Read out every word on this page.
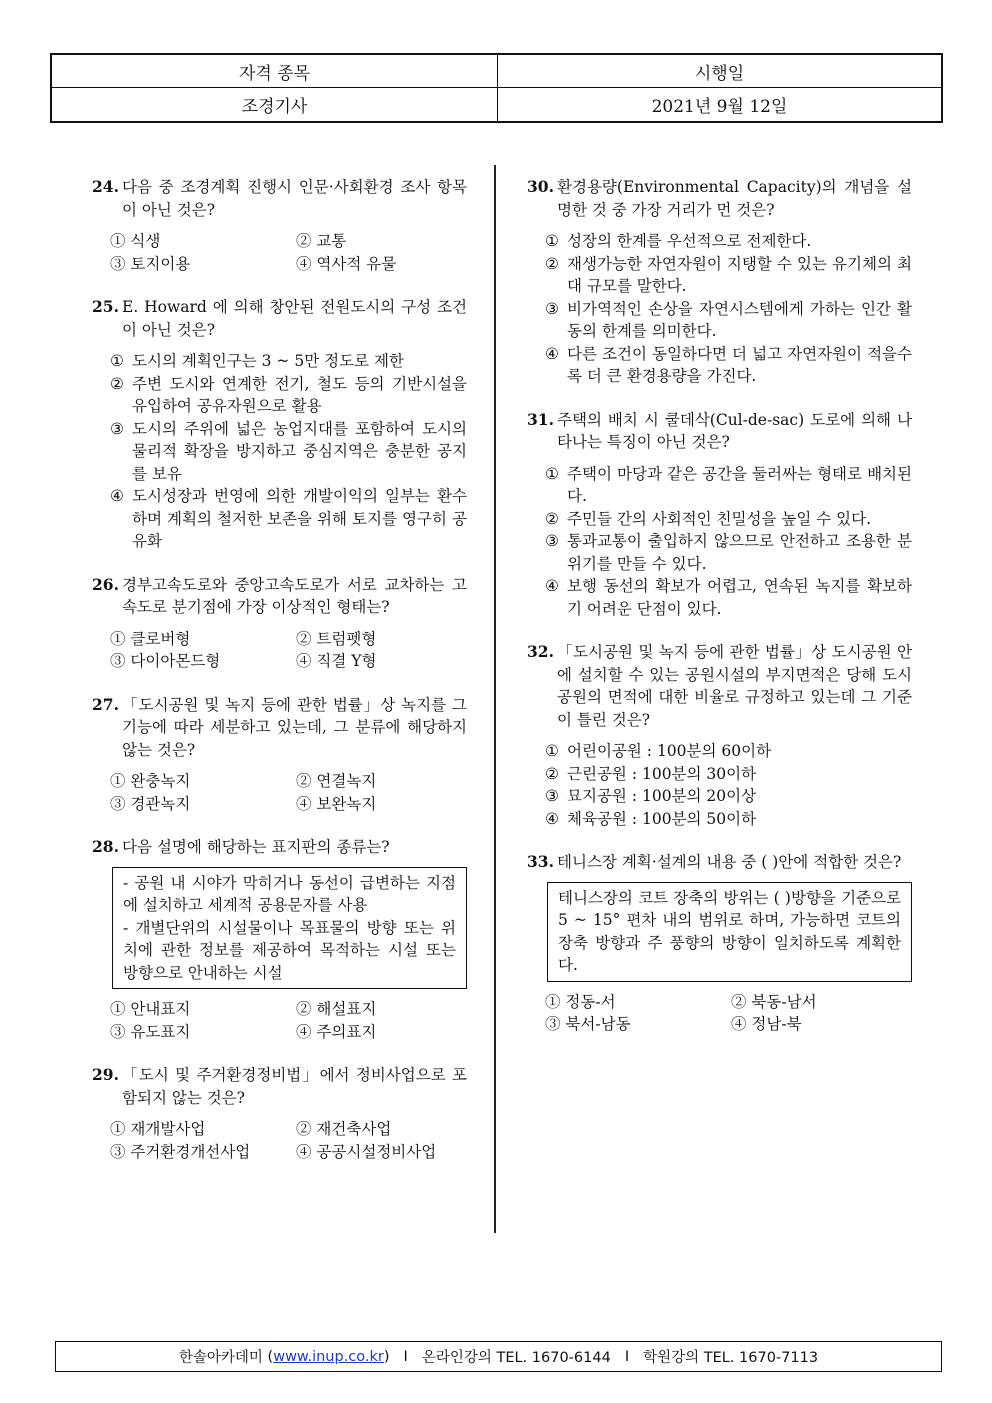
자격 종목	시행일
조경기사	2021년 9월 12일
24. 다음 중 조경계획 진행시 인문·사회환경 조사 항목이 아닌 것은?
① 식생	② 교통
③ 토지이용	④ 역사적 유물
25. E. Howard 에 의해 창안된 전원도시의 구성 조건이 아닌 것은?
① 도시의 계획인구는 3 ~ 5만 정도로 제한
② 주변 도시와 연계한 전기, 철도 등의 기반시설을 유입하여 공유자원으로 활용
③ 도시의 주위에 넓은 농업지대를 포함하여 도시의 물리적 확장을 방지하고 중심지역은 충분한 공지를 보유
④ 도시성장과 번영에 의한 개발이익의 일부는 환수하며 계획의 철저한 보존을 위해 토지를 영구히 공유화
26. 경부고속도로와 중앙고속도로가 서로 교차하는 고속도로 분기점에 가장 이상적인 형태는?
① 클로버형	② 트럼펫형
③ 다이아몬드형	④ 직결 Y형
27. 「도시공원 및 녹지 등에 관한 법률」상 녹지를 그 기능에 따라 세분하고 있는데, 그 분류에 해당하지 않는 것은?
① 완충녹지	② 연결녹지
③ 경관녹지	④ 보완녹지
28. 다음 설명에 해당하는 표지판의 종류는?
- 공원 내 시야가 막히거나 동선이 급변하는 지점에 설치하고 세계적 공용문자를 사용
- 개별단위의 시설물이나 목표물의 방향 또는 위치에 관한 정보를 제공하여 목적하는 시설 또는 방향으로 안내하는 시설
① 안내표지	② 해설표지
③ 유도표지	④ 주의표지
29. 「도시 및 주거환경정비법」에서 정비사업으로 포함되지 않는 것은?
① 재개발사업	② 재건축사업
③ 주거환경개선사업	④ 공공시설정비사업
30. 환경용량(Environmental Capacity)의 개념을 설명한 것 중 가장 거리가 먼 것은?
① 성장의 한계를 우선적으로 전제한다.
② 재생가능한 자연자원이 지탱할 수 있는 유기체의 최대 규모를 말한다.
③ 비가역적인 손상을 자연시스템에게 가하는 인간 활동의 한계를 의미한다.
④ 다른 조건이 동일하다면 더 넓고 자연자원이 적을수록 더 큰 환경용량을 가진다.
31. 주택의 배치 시 쿨데삭(Cul-de-sac) 도로에 의해 나타나는 특징이 아닌 것은?
① 주택이 마당과 같은 공간을 둘러싸는 형태로 배치된다.
② 주민들 간의 사회적인 친밀성을 높일 수 있다.
③ 통과교통이 출입하지 않으므로 안전하고 조용한 분위기를 만들 수 있다.
④ 보행 동선의 확보가 어렵고, 연속된 녹지를 확보하기 어려운 단점이 있다.
32. 「도시공원 및 녹지 등에 관한 법률」상 도시공원 안에 설치할 수 있는 공원시설의 부지면적은 당해 도시공원의 면적에 대한 비율로 규정하고 있는데 그 기준이 틀린 것은?
① 어린이공원 : 100분의 60이하
② 근린공원 : 100분의 30이하
③ 묘지공원 : 100분의 20이상
④ 체육공원 : 100분의 50이하
33. 테니스장 계획·설계의 내용 중 ( )안에 적합한 것은?
테니스장의 코트 장축의 방위는 ( )방향을 기준으로 5 ~ 15° 편차 내의 범위로 하며, 가능하면 코트의 장축 방향과 주 풍향의 방향이 일치하도록 계획한다.
① 정동-서	② 북동-남서
③ 북서-남동	④ 정남-북
한솔아카데미 ( www.inup.co.kr ) I 온라인강의 TEL. 1670-6144 I 학원강의 TEL. 1670-7113
